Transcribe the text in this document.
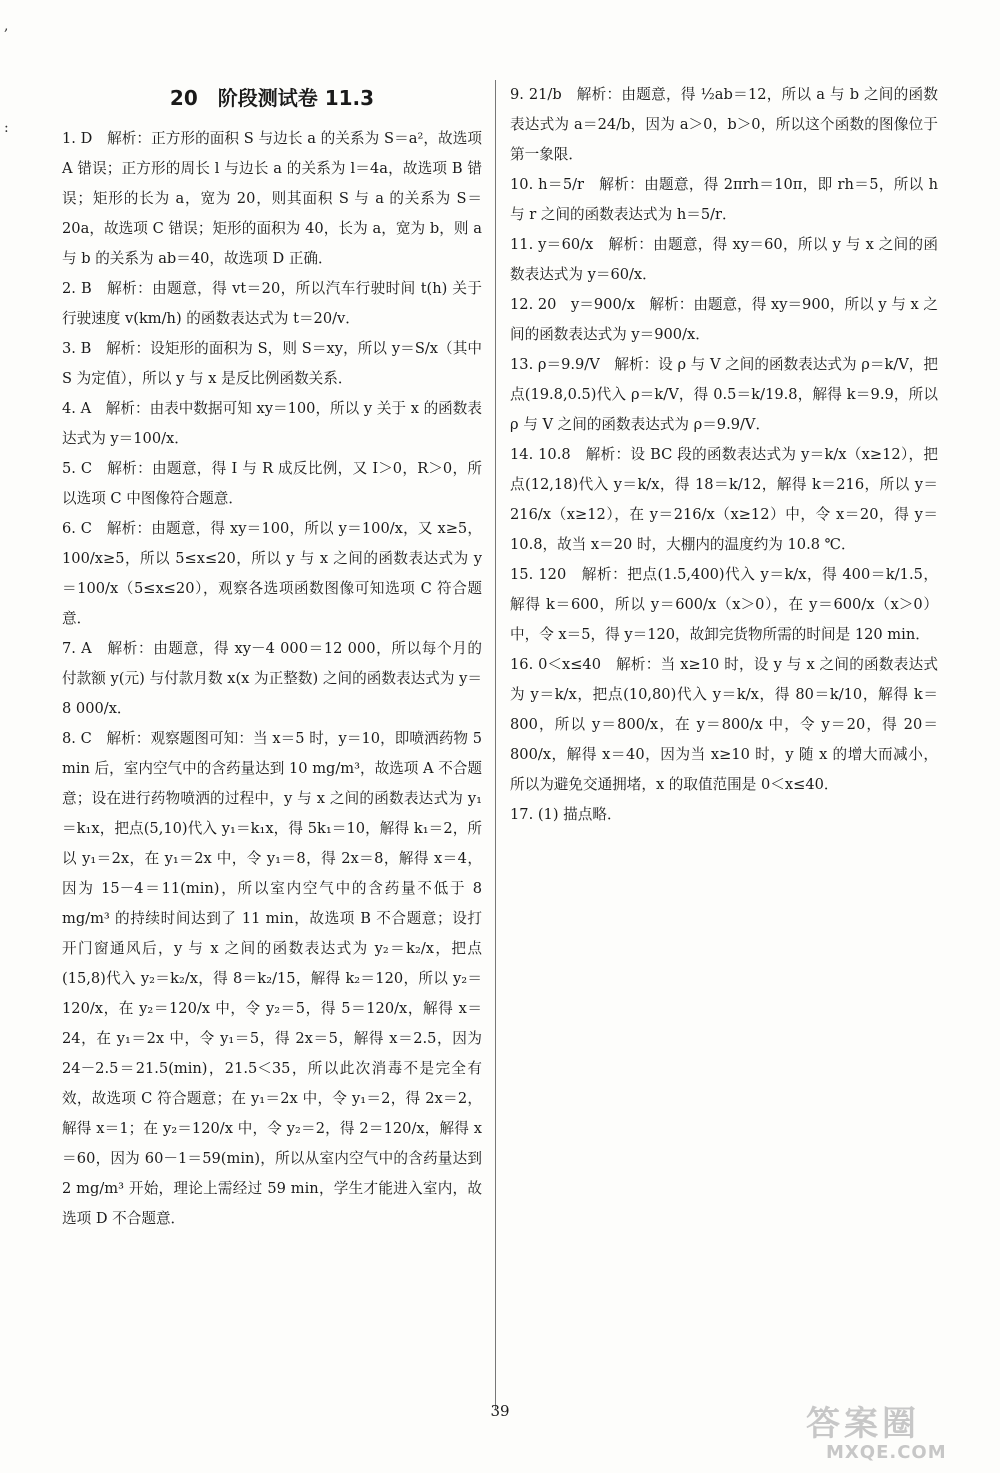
,
:
20　阶段测试卷 11.3

1. D　解析：正方形的面积 S 与边长 a 的关系为 S＝a²，故选项 A 错误；正方形的周长 l 与边长 a 的关系为 l＝4a，故选项 B 错误；矩形的长为 a，宽为 20，则其面积 S 与 a 的关系为 S＝20a，故选项 C 错误；矩形的面积为 40，长为 a，宽为 b，则 a 与 b 的关系为 ab＝40，故选项 D 正确．

2. B　解析：由题意，得 vt＝20，所以汽车行驶时间 t(h) 关于行驶速度 v(km/h) 的函数表达式为 t＝20/v．

3. B　解析：设矩形的面积为 S，则 S＝xy，所以 y＝S/x（其中 S 为定值），所以 y 与 x 是反比例函数关系．

4. A　解析：由表中数据可知 xy＝100，所以 y 关于 x 的函数表达式为 y＝100/x．

5. C　解析：由题意，得 I 与 R 成反比例，又 I＞0，R＞0，所以选项 C 中图像符合题意．

6. C　解析：由题意，得 xy＝100，所以 y＝100/x，又 x≥5，100/x≥5，所以 5≤x≤20，所以 y 与 x 之间的函数表达式为 y＝100/x（5≤x≤20），观察各选项函数图像可知选项 C 符合题意．

7. A　解析：由题意，得 xy－4 000＝12 000，所以每个月的付款额 y(元) 与付款月数 x(x 为正整数) 之间的函数表达式为 y＝8 000/x．

8. C　解析：观察题图可知：当 x＝5 时，y＝10，即喷洒药物 5 min 后，室内空气中的含药量达到 10 mg/m³，故选项 A 不合题意；设在进行药物喷洒的过程中，y 与 x 之间的函数表达式为 y₁＝k₁x，把点(5,10)代入 y₁＝k₁x，得 5k₁＝10，解得 k₁＝2，所以 y₁＝2x，在 y₁＝2x 中，令 y₁＝8，得 2x＝8，解得 x＝4，因为 15－4＝11(min)，所以室内空气中的含药量不低于 8 mg/m³ 的持续时间达到了 11 min，故选项 B 不合题意；设打开门窗通风后，y 与 x 之间的函数表达式为 y₂＝k₂/x，把点(15,8)代入 y₂＝k₂/x，得 8＝k₂/15，解得 k₂＝120，所以 y₂＝120/x，在 y₂＝120/x 中，令 y₂＝5，得 5＝120/x，解得 x＝24，在 y₁＝2x 中，令 y₁＝5，得 2x＝5，解得 x＝2.5，因为 24－2.5＝21.5(min)，21.5＜35，所以此次消毒不是完全有效，故选项 C 符合题意；在 y₁＝2x 中，令 y₁＝2，得 2x＝2，解得 x＝1；在 y₂＝120/x 中，令 y₂＝2，得 2＝120/x，解得 x＝60，因为 60－1＝59(min)，所以从室内空气中的含药量达到 2 mg/m³ 开始，理论上需经过 59 min，学生才能进入室内，故选项 D 不合题意．

9. 21/b　解析：由题意，得 ½ab＝12，所以 a 与 b 之间的函数表达式为 a＝24/b，因为 a＞0，b＞0，所以这个函数的图像位于第一象限．

10. h＝5/r　解析：由题意，得 2πrh＝10π，即 rh＝5，所以 h 与 r 之间的函数表达式为 h＝5/r．

11. y＝60/x　解析：由题意，得 xy＝60，所以 y 与 x 之间的函数表达式为 y＝60/x．

12. 20　y＝900/x　解析：由题意，得 xy＝900，所以 y 与 x 之间的函数表达式为 y＝900/x．

13. ρ＝9.9/V　解析：设 ρ 与 V 之间的函数表达式为 ρ＝k/V，把点(19.8,0.5)代入 ρ＝k/V，得 0.5＝k/19.8，解得 k＝9.9，所以 ρ 与 V 之间的函数表达式为 ρ＝9.9/V．

14. 10.8　解析：设 BC 段的函数表达式为 y＝k/x（x≥12），把点(12,18)代入 y＝k/x，得 18＝k/12，解得 k＝216，所以 y＝216/x（x≥12），在 y＝216/x（x≥12）中，令 x＝20，得 y＝10.8，故当 x＝20 时，大棚内的温度约为 10.8 ℃．

15. 120　解析：把点(1.5,400)代入 y＝k/x，得 400＝k/1.5，解得 k＝600，所以 y＝600/x（x＞0），在 y＝600/x（x＞0）中，令 x＝5，得 y＝120，故卸完货物所需的时间是 120 min．

16. 0＜x≤40　解析：当 x≥10 时，设 y 与 x 之间的函数表达式为 y＝k/x，把点(10,80)代入 y＝k/x，得 80＝k/10，解得 k＝800，所以 y＝800/x，在 y＝800/x 中，令 y＝20，得 20＝800/x，解得 x＝40，因为当 x≥10 时，y 随 x 的增大而减小，所以为避免交通拥堵，x 的取值范围是 0＜x≤40．

17. (1) 描点略．

39	答案圈
MXQE.COM
